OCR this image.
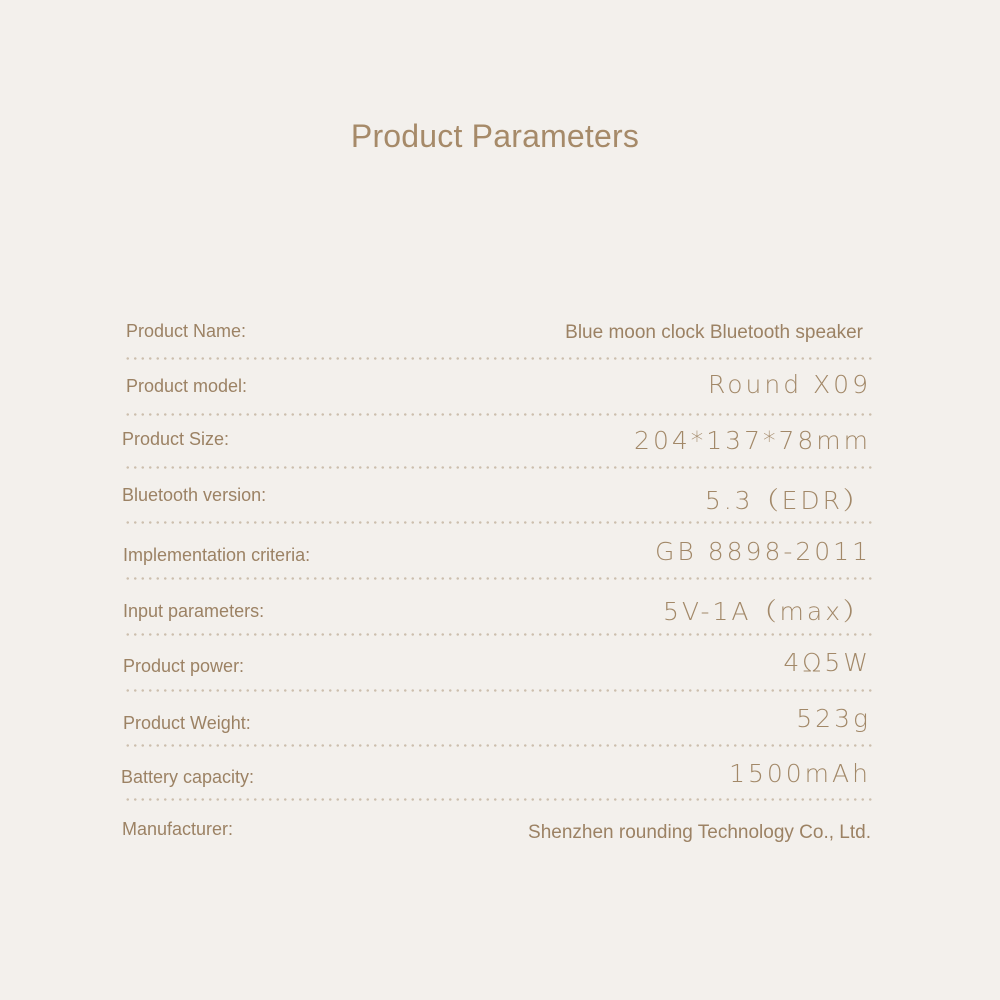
Product Parameters
Product Name:	Blue moon clock Bluetooth speaker
Product model:	Round X09
Product Size:	204*137*78mm
Bluetooth version:	5.3（EDR）
Implementation criteria:	GB 8898-2011
Input parameters:	5V-1A（max）
Product power:	4Ω5W
Product Weight:	523g
Battery capacity:	1500mAh
Manufacturer:	Shenzhen rounding Technology Co., Ltd.
